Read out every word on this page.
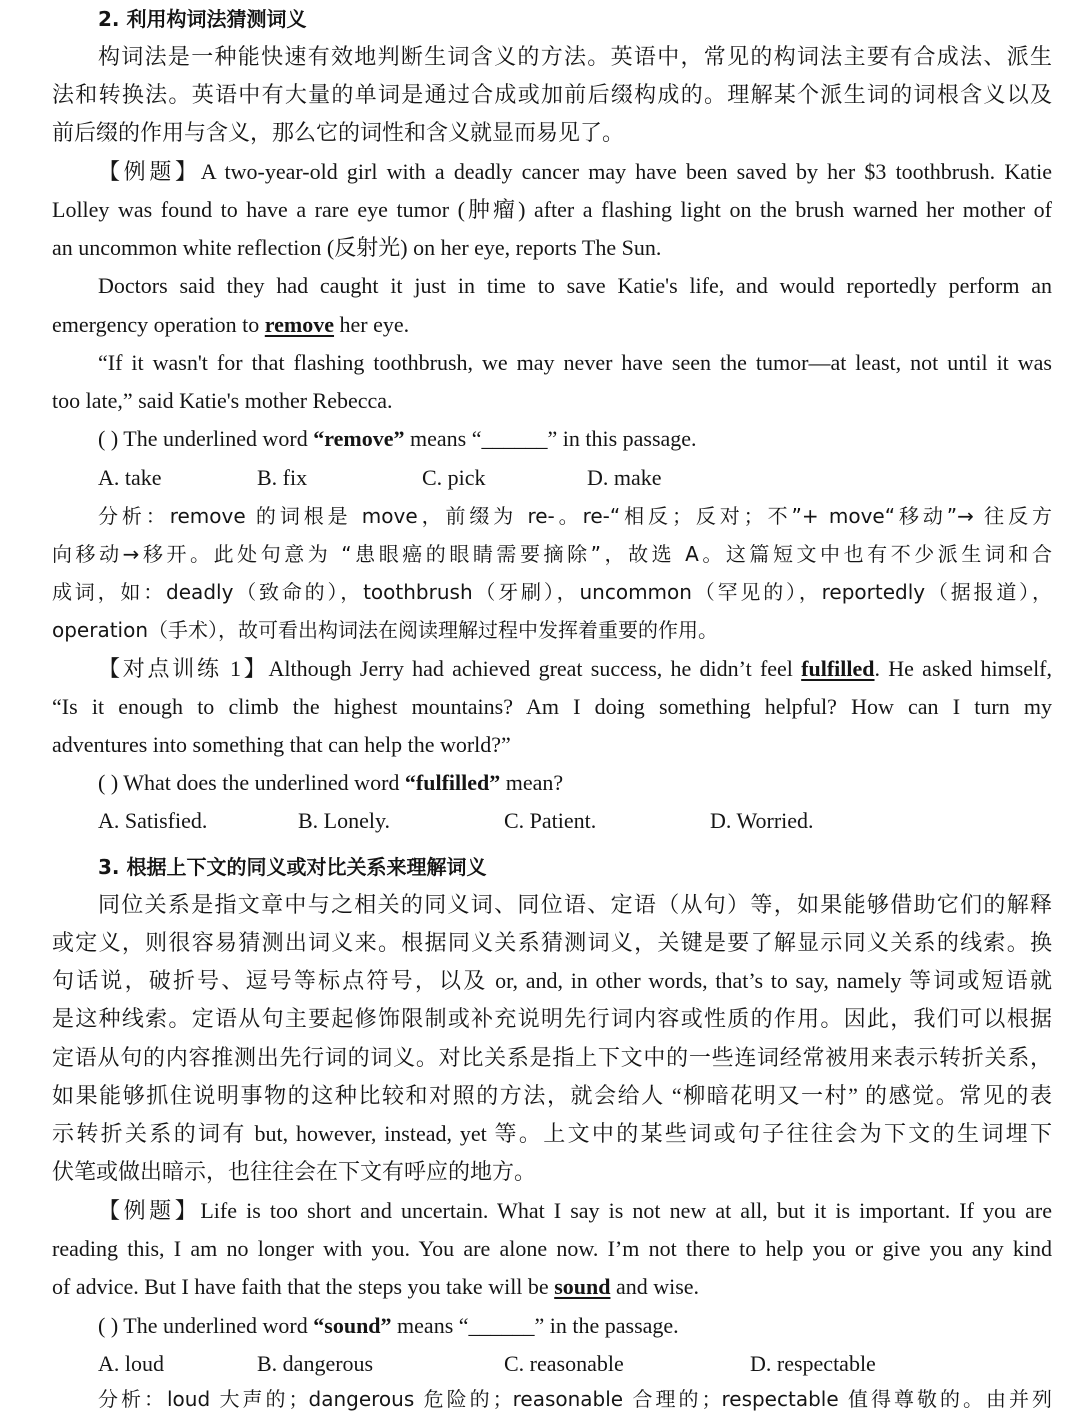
2. 利用构词法猜测词义
构词法是一种能快速有效地判断生词含义的方法。英语中，常见的构词法主要有合成法、派生
法和转换法。英语中有大量的单词是通过合成或加前后缀构成的。理解某个派生词的词根含义以及
前后缀的作用与含义，那么它的词性和含义就显而易见了。
【例题】A two-year-old girl with a deadly cancer may have been saved by her $3 toothbrush. Katie
Lolley was found to have a rare eye tumor (肿瘤) after a flashing light on the brush warned her mother of
an uncommon white reflection (反射光) on her eye, reports The Sun.
Doctors said they had caught it just in time to save Katie's life, and would reportedly perform an
emergency operation to remove her eye.
“If it wasn't for that flashing toothbrush, we may never have seen the tumor—at least, not until it was
too late,” said Katie's mother Rebecca.
( ) The underlined word “remove” means “______” in this passage.
A. take	B. fix	C. pick	D. make
分析：remove 的词根是 move，前缀为 re-。re-“相反；反对；不”+ move“移动”→ 往反方
向移动→移开。此处句意为 “患眼癌的眼睛需要摘除”，故选 A。这篇短文中也有不少派生词和合
成词，如：deadly（致命的），toothbrush（牙刷），uncommon（罕见的），reportedly（据报道），
operation（手术），故可看出构词法在阅读理解过程中发挥着重要的作用。
【对点训练 1】Although Jerry had achieved great success, he didn’t feel fulfilled. He asked himself,
“Is it enough to climb the highest mountains? Am I doing something helpful? How can I turn my
adventures into something that can help the world?”
( ) What does the underlined word “fulfilled” mean?
A. Satisfied.	B. Lonely.	C. Patient.	D. Worried.
3. 根据上下文的同义或对比关系来理解词义
同位关系是指文章中与之相关的同义词、同位语、定语（从句）等，如果能够借助它们的解释
或定义，则很容易猜测出词义来。根据同义关系猜测词义，关键是要了解显示同义关系的线索。换
句话说，破折号、逗号等标点符号，以及 or, and, in other words, that’s to say, namely 等词或短语就
是这种线索。定语从句主要起修饰限制或补充说明先行词内容或性质的作用。因此，我们可以根据
定语从句的内容推测出先行词的词义。对比关系是指上下文中的一些连词经常被用来表示转折关系，
如果能够抓住说明事物的这种比较和对照的方法，就会给人 “柳暗花明又一村” 的感觉。常见的表
示转折关系的词有 but, however, instead, yet 等。上文中的某些词或句子往往会为下文的生词埋下
伏笔或做出暗示，也往往会在下文有呼应的地方。
【例题】Life is too short and uncertain. What I say is not new at all, but it is important. If you are
reading this, I am no longer with you. You are alone now. I’m not there to help you or give you any kind
of advice. But I have faith that the steps you take will be sound and wise.
( ) The underlined word “sound” means “______” in the passage.
A. loud	B. dangerous	C. reasonable	D. respectable
分析：loud 大声的；dangerous 危险的；reasonable 合理的；respectable 值得尊敬的。由并列
